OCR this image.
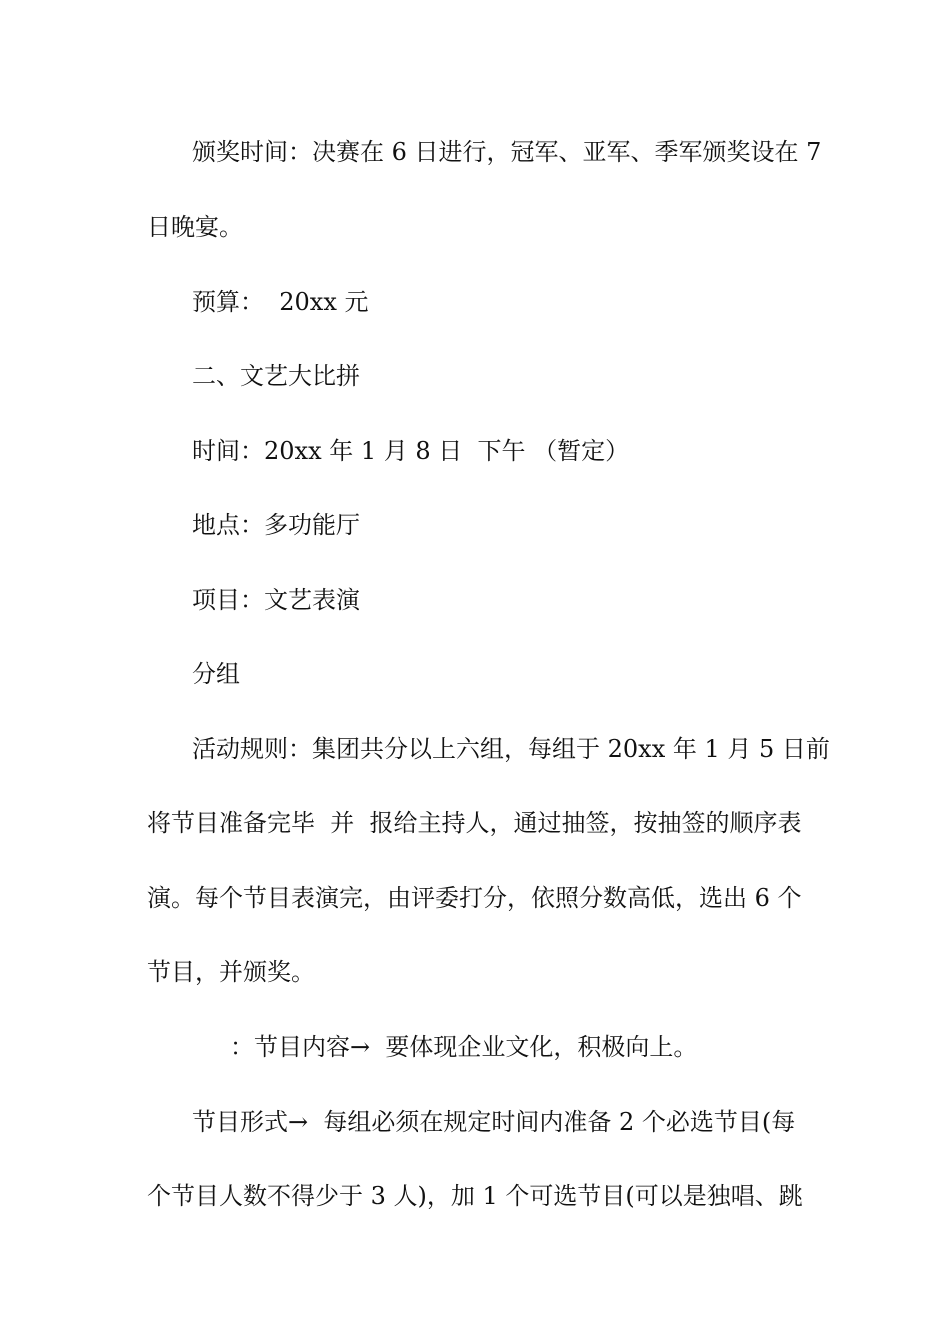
颁奖时间：决赛在 6 日进行，冠军、亚军、季军颁奖设在 7

日晚宴。

预算：  20xx 元

二、文艺大比拼

时间：20xx 年 1 月 8 日  下午 （暂定）

地点：多功能厅

项目：文艺表演

分组

活动规则：集团共分以上六组，每组于 20xx 年 1 月 5 日前

将节目准备完毕  并  报给主持人，通过抽签，按抽签的顺序表

演。每个节目表演完，由评委打分，依照分数高低，选出 6 个

节目，并颁奖。

：节目内容→  要体现企业文化，积极向上。

节目形式→  每组必须在规定时间内准备 2 个必选节目(每

个节目人数不得少于 3 人)，加 1 个可选节目(可以是独唱、跳
